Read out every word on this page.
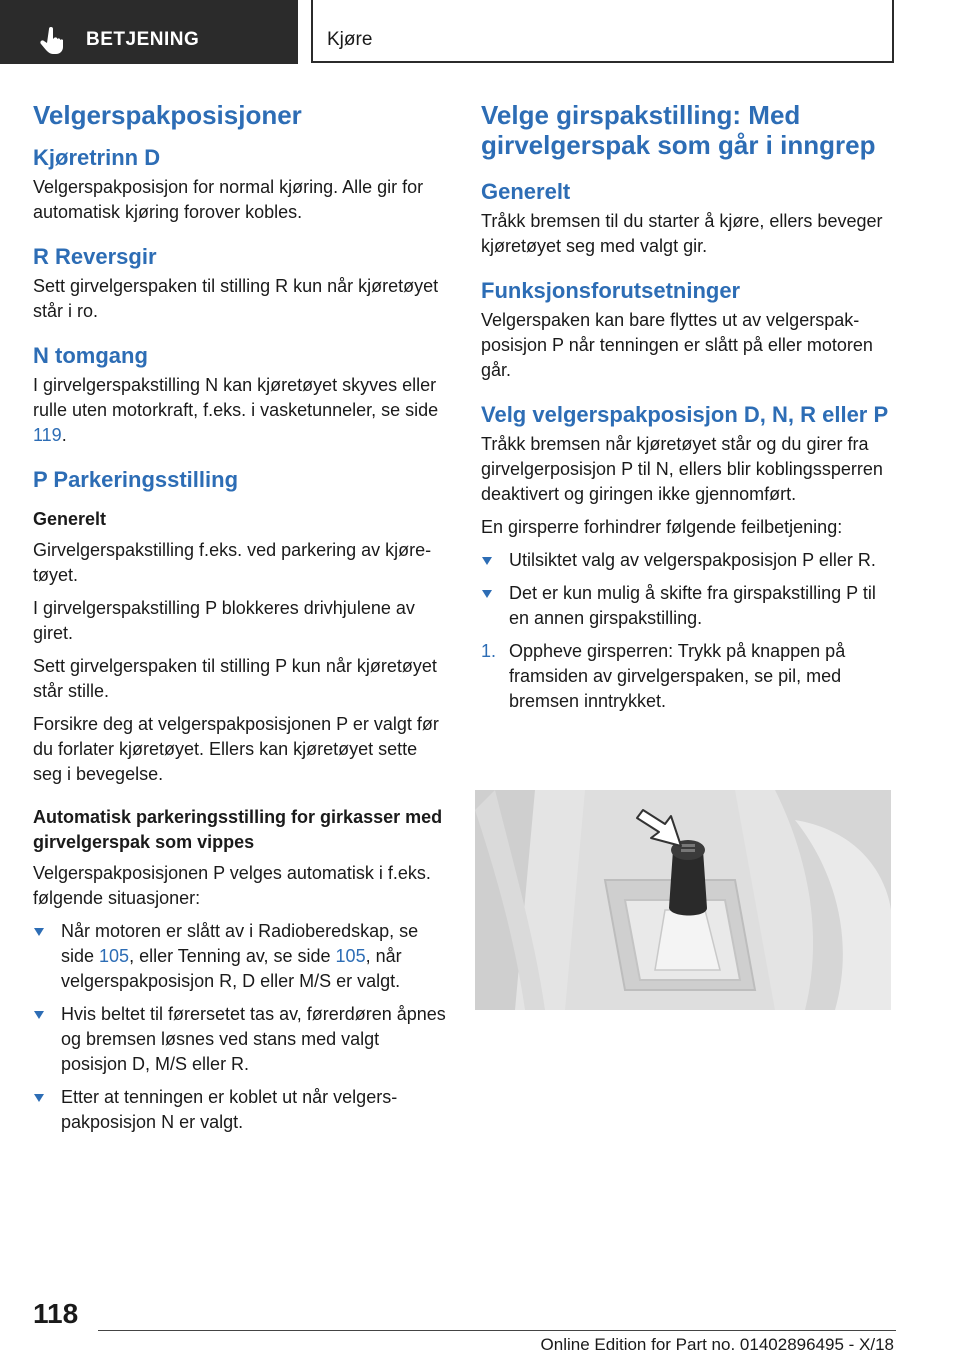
BETJENING	Kjøre
Velgerspakposisjoner
Kjøretrinn D

Velgerspakposisjon for normal kjøring. Alle gir for automatisk kjøring forover kobles.

R Reversgir

Sett girvelgerspaken til stilling R kun når kjøretøyet står i ro.

N tomgang

I girvelgerspakstilling N kan kjøretøyet skyves eller rulle uten motorkraft, f.eks. i vasketunneler, se side 119.

P Parkeringsstilling
Generelt

Girvelgerspakstilling f.eks. ved parkering av kjøretøyet.

I girvelgerspakstilling P blokkeres drivhjulene av giret.

Sett girvelgerspaken til stilling P kun når kjøretøyet står stille.

Forsikre deg at velgerspakposisjonen P er valgt før du forlater kjøretøyet. Ellers kan kjøretøyet sette seg i bevegelse.

Automatisk parkeringsstilling for girkasser med girvelgerspak som vippes

Velgerspakposisjonen P velges automatisk i f.eks. følgende situasjoner:

Når motoren er slått av i Radioberedskap, se side 105, eller Tenning av, se side 105, når velgerspakposisjon R, D eller M/S er valgt.
Hvis beltet til førersetet tas av, førerdøren åpnes og bremsen løsnes ved stans med valgt posisjon D, M/S eller R.
Etter at tenningen er koblet ut når velgerspakposisjon N er valgt.
Velge girspakstilling: Med girvelgerspak som går i inngrep
Generelt

Tråkk bremsen til du starter å kjøre, ellers beveger kjøretøyet seg med valgt gir.

Funksjonsforutsetninger

Velgerspaken kan bare flyttes ut av velgerspakposisjon P når tenningen er slått på eller motoren går.

Velg velgerspakposisjon D, N, R eller P

Tråkk bremsen når kjøretøyet står og du girer fra girvelgerposisjon P til N, ellers blir koblingssperren deaktivert og giringen ikke gjennomført.

En girsperre forhindrer følgende feilbetjening:

Utilsiktet valg av velgerspakposisjon P eller R.
Det er kun mulig å skifte fra girspakstilling P til en annen girspakstilling.
1. Oppheve girsperren: Trykk på knappen på framsiden av girvelgerspaken, se pil, med bremsen inntrykket.
118
Online Edition for Part no. 01402896495 - X/18
